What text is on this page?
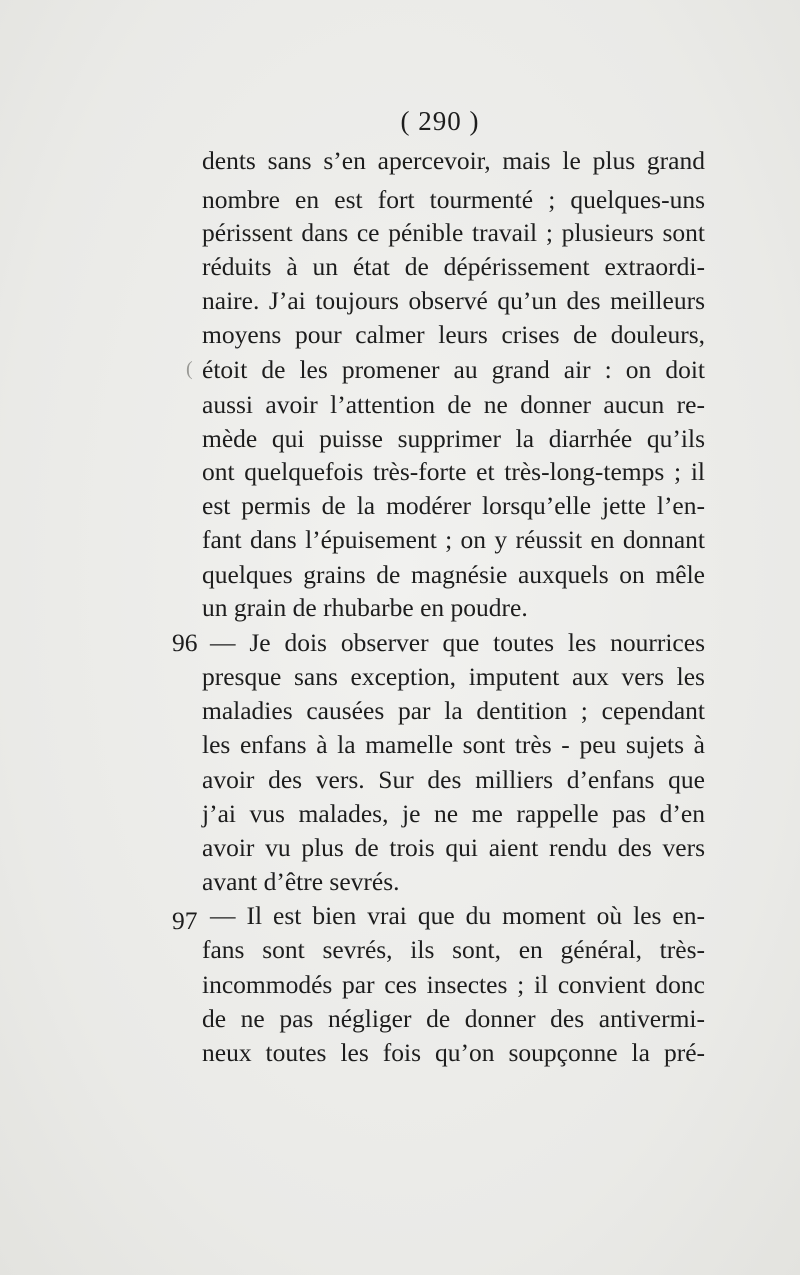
( 290 )
(
dents sans s’en apercevoir, mais le plus grand
nombre en est fort tourmenté ; quelques-uns
périssent dans ce pénible travail ; plusieurs sont
réduits à un état de dépérissement extraordi-
naire. J’ai toujours observé qu’un des meilleurs
moyens pour calmer leurs crises de douleurs,
étoit de les promener au grand air : on doit
aussi avoir l’attention de ne donner aucun re-
mède qui puisse supprimer la diarrhée qu’ils
ont quelquefois très-forte et très-long-temps ; il
est permis de la modérer lorsqu’elle jette l’en-
fant dans l’épuisement ; on y réussit en donnant
quelques grains de magnésie auxquels on mêle
un grain de rhubarbe en poudre.
96 — Je dois observer que toutes les nourrices
presque sans exception, imputent aux vers les
maladies causées par la dentition ; cependant
les enfans à la mamelle sont très - peu sujets à
avoir des vers. Sur des milliers d’enfans que
j’ai vus malades, je ne me rappelle pas d’en
avoir vu plus de trois qui aient rendu des vers
avant d’être sevrés.
97 — Il est bien vrai que du moment où les en-
fans sont sevrés, ils sont, en général, très-
incommodés par ces insectes ; il convient donc
de ne pas négliger de donner des antivermi-
neux toutes les fois qu’on soupçonne la pré-
